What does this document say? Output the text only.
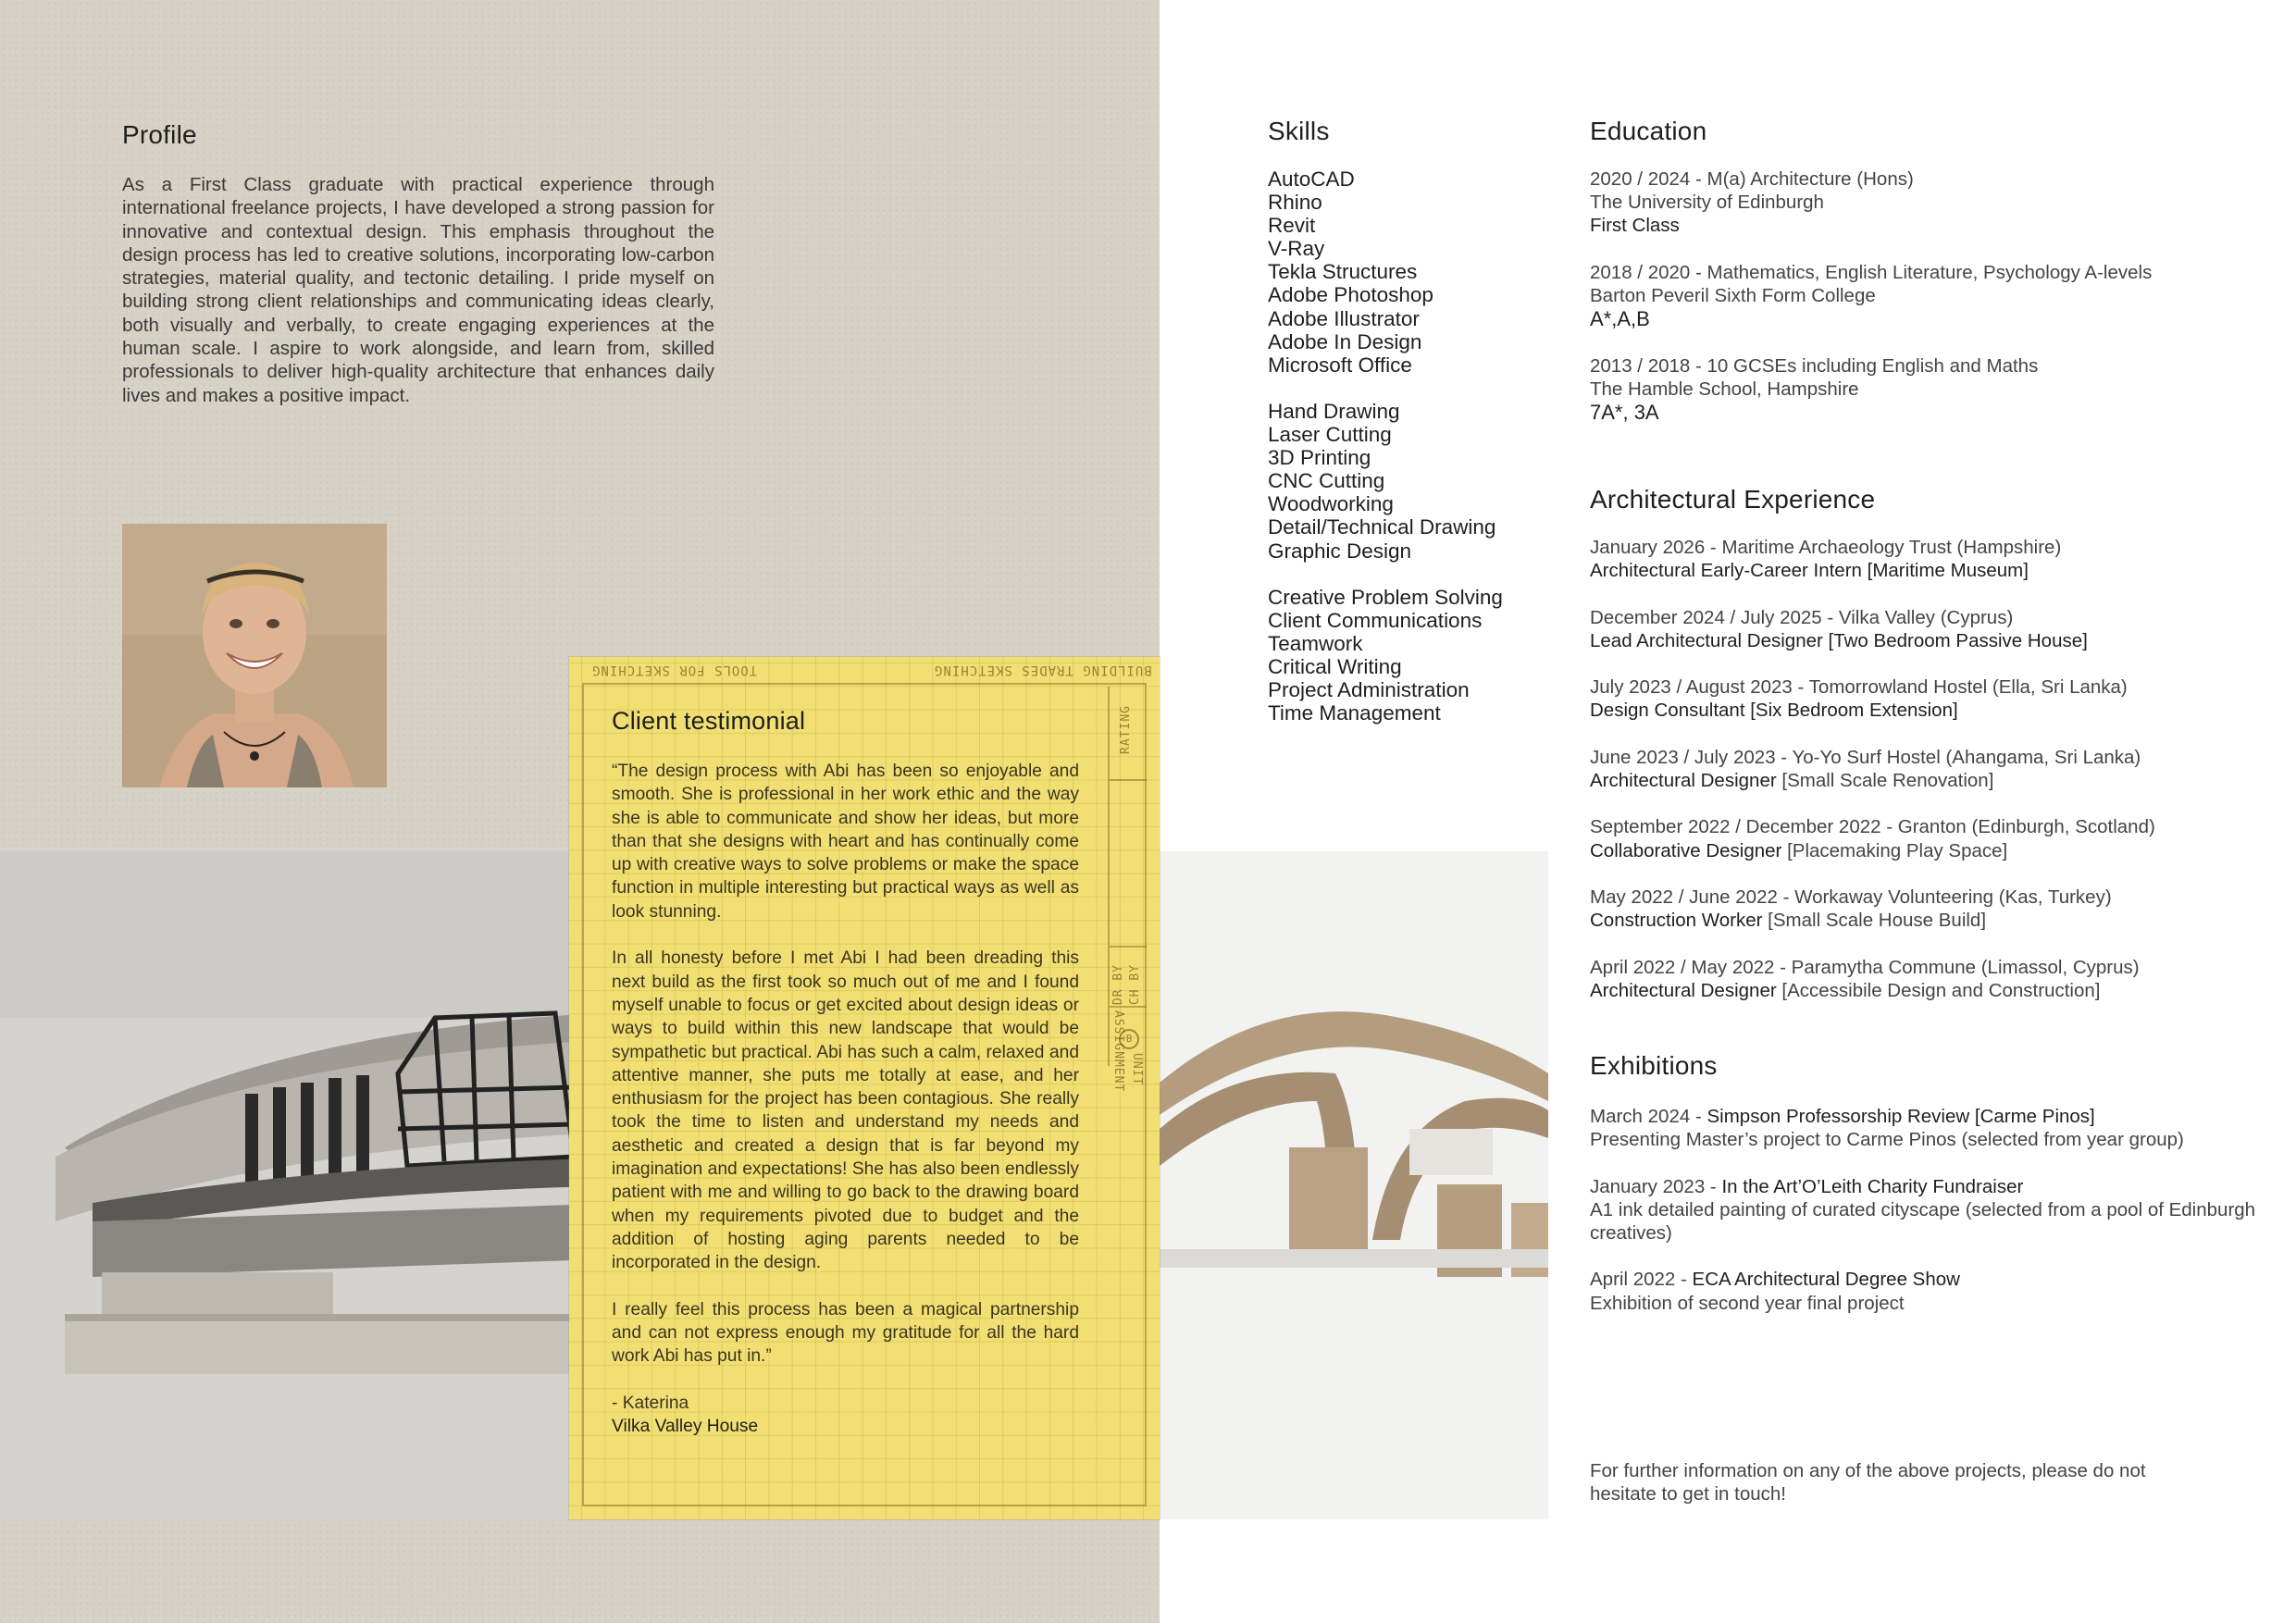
Profile
As a First Class graduate with practical experience through international freelance projects, I have developed a strong passion for innovative and contextual design. This emphasis throughout the design process has led to creative solutions, incorporating low-carbon strategies, material quality, and tectonic detailing. I pride myself on building strong client relationships and communicating ideas clearly, both visually and verbally, to create engaging experiences at the human scale. I aspire to work alongside, and learn from, skilled professionals to deliver high-quality architecture that enhances daily lives and makes a positive impact.
TOOLS FOR SKETCHING	BUILDING TRADES SKETCHING
RATING
DR BY CH BY
B
ASSIGNMENT UNIT
Client testimonial

“The design process with Abi has been so enjoyable and smooth. She is professional in her work ethic and the way she is able to communicate and show her ideas, but more than that she designs with heart and has continually come up with creative ways to solve problems or make the space function in multiple interesting but practical ways as well as look stunning.

In all honesty before I met Abi I had been dreading this next build as the first took so much out of me and I found myself unable to focus or get excited about design ideas or ways to build within this new landscape that would be sympathetic but practical. Abi has such a calm, relaxed and attentive manner, she puts me totally at ease, and her enthusiasm for the project has been contagious. She really took the time to listen and understand my needs and aesthetic and created a design that is far beyond my imagination and expectations! She has also been endlessly patient with me and willing to go back to the drawing board when my requirements pivoted due to budget and the addition of hosting aging parents needed to be incorporated in the design.

I really feel this process has been a magical partnership and can not express enough my gratitude for all the hard work Abi has put in.”

- Katerina
Vilka Valley House
Skills
AutoCAD
Rhino
Revit
V-Ray
Tekla Structures
Adobe Photoshop
Adobe Illustrator
Adobe In Design
Microsoft Office
Hand Drawing
Laser Cutting
3D Printing
CNC Cutting
Woodworking
Detail/Technical Drawing
Graphic Design
Creative Problem Solving
Client Communications
Teamwork
Critical Writing
Project Administration
Time Management
Education
2020 / 2024 - M(a) Architecture (Hons)
The University of Edinburgh
First Class
2018 / 2020 - Mathematics, English Literature, Psychology A-levels
Barton Peveril Sixth Form College
A*,A,B
2013 / 2018 - 10 GCSEs including English and Maths
The Hamble School, Hampshire
7A*, 3A
Architectural Experience
January 2026 - Maritime Archaeology Trust (Hampshire)
Architectural Early-Career Intern [Maritime Museum]
December 2024 / July 2025 - Vilka Valley (Cyprus)
Lead Architectural Designer [Two Bedroom Passive House]
July 2023 / August 2023 - Tomorrowland Hostel (Ella, Sri Lanka)
Design Consultant [Six Bedroom Extension]
June 2023 / July 2023 - Yo-Yo Surf Hostel (Ahangama, Sri Lanka)
Architectural Designer [Small Scale Renovation]
September 2022 / December 2022 - Granton (Edinburgh, Scotland)
Collaborative Designer [Placemaking Play Space]
May 2022 / June 2022 - Workaway Volunteering (Kas, Turkey)
Construction Worker [Small Scale House Build]
April 2022 / May 2022 - Paramytha Commune (Limassol, Cyprus)
Architectural Designer [Accessibile Design and Construction]
Exhibitions
March 2024 - Simpson Professorship Review [Carme Pinos]
Presenting Master’s project to Carme Pinos (selected from year group)
January 2023 - In the Art’O’Leith Charity Fundraiser
A1 ink detailed painting of curated cityscape (selected from a pool of Edinburgh creatives)
April 2022 - ECA Architectural Degree Show
Exhibition of second year final project
For further information on any of the above projects, please do not hesitate to get in touch!
